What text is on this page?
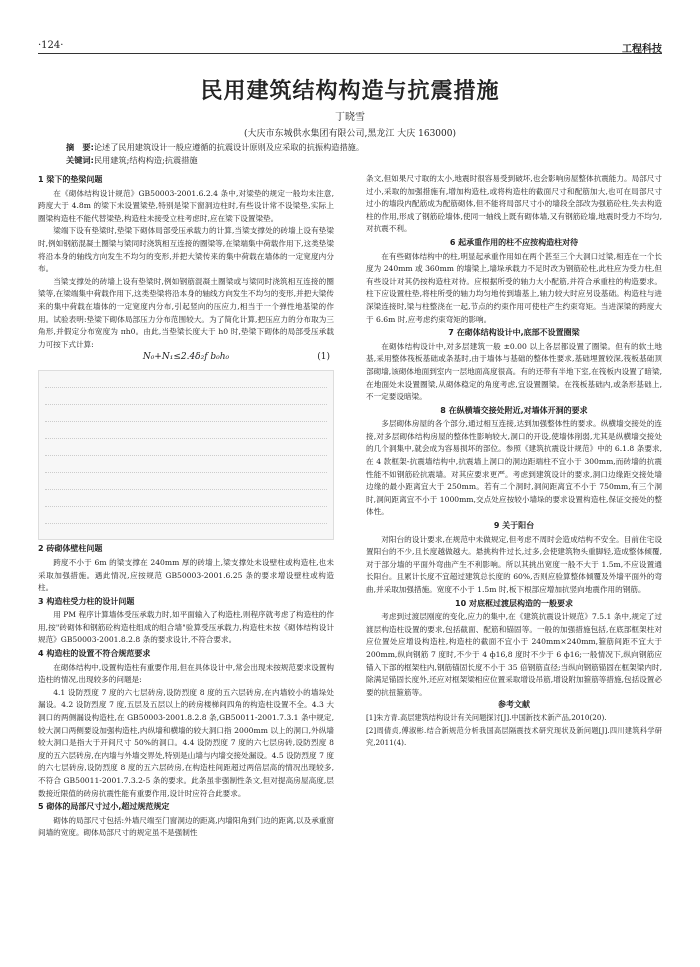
·124·	工程科技
民用建筑结构构造与抗震措施
丁晓雪
(大庆市东城供水集团有限公司,黑龙江 大庆 163000)
摘　要:论述了民用建筑设计一般应遵循的抗震设计原则及应采取的抗振构造措施。
关键词:民用建筑;结构构造;抗震措施
1 梁下的垫梁问题

在《砌体结构设计规范》GB50003-2001.6.2.4 条中,对梁垫的规定一般均未注意,跨度大于 4.8m 的梁下未设置梁垫,特别是梁下窗洞边柱时,有些设计常不设梁垫,实际上圈梁构造柱不能代替梁垫,构造柱未接受立柱考虑时,应在梁下设置梁垫。

梁端下设有垫梁时,垫梁下砌体局部受压承载力的计算,当梁支撑处的砖墙上设有垫梁时,例如钢筋混凝土圈梁与梁同时浇筑相互连接的圈梁等,在梁端集中荷载作用下,这类垫梁将沿本身的轴线方向发生不均匀的变形,并把大梁传来的集中荷载在墙体的一定宽度内分布。

当梁支撑处的砖墙上设有垫梁时,例如钢筋混凝土圈梁或与梁同时浇筑相互连接的圈梁等,在梁端集中荷载作用下,这类垫梁将沿本身的轴线方向发生不均匀的变形,并把大梁传来的集中荷载在墙体的一定宽度内分布,引起竖向的压应力,相当于一个弹性地基梁的作用。试验表明:垫梁下砌体局部压力分布范围较大。为了简化计算,把压应力的分布取为三角形,并假定分布宽度为 πh0。由此,当垫梁长度大于 h0 时,垫梁下砌体的局部受压承载力可按下式计算:

N₀+N₁≤2.4δ₂f b₀h₀	(1)
2 砖砌体壁柱问题

跨度不小于 6m 的梁支撑在 240mm 厚的砖墙上,梁支撑处未设壁柱或构造柱,也未采取加强措施。遇此情况,应按规范 GB50003-2001.6.25 条的要求增设壁柱或构造柱。

3 构造柱受力柱的设计问题

用 PM 程序计算墙体受压承载力时,如平面输入了构造柱,则程序就考虑了构造柱的作用,按"砖砌体和钢筋砼构造柱组成的组合墙"验算受压承载力,构造柱未按《砌体结构设计规范》GB50003-2001.8.2.8 条的要求设计,不符合要求。

4 构造柱的设置不符合规范要求

在砌体结构中,设置构造柱有重要作用,但在具体设计中,常会出现未按规范要求设置构造柱的情况,出现较多的问题是:

4.1 设防烈度 7 度的六七层砖房,设防烈度 8 度的五六层砖房,在内墙较小的墙垛处漏设。4.2 设防烈度 7 度,五层及五层以上的砖房楼梯间四角的构造柱设置不全。4.3 大洞口的两侧漏设构造柱,在 GB50003-2001.8.2.8 条,GB50011-2001.7.3.1 条中规定,较大洞口两侧要设加强构造柱,内纵墙和横墙的较大洞口指 2000mm 以上的洞口,外纵墙较大洞口是指大于开间尺寸 50%的洞口。4.4 设防烈度 7 度的六七层房砖,设防烈度 8 度的五六层砖房,在内墙与外墙交界处,特别是山墙与内墙交接处漏设。4.5 设防烈度 7 度的六七层砖房,设防烈度 8 度的五六层砖房,在构造柱间距超过两倍层高的情况出现较多,不符合 GB50011-2001.7.3.2-5 条的要求。此条虽非强制性条文,但对提高房屋高度,层数接近限值的砖房抗震性能有重要作用,设计时应符合此要求。

5 砌体的局部尺寸过小,超过规范规定

砌体的局部尺寸包括:外墙尺端至门窗洞边的距离,内墙阳角到门边的距离,以及承重窗间墙的宽度。砌体局部尺寸的规定虽不是强制性

条文,但如果尺寸取的太小,地震时很容易受到破坏,也会影响房屋整体抗震能力。局部尺寸过小,采取的加强措施有,增加构造柱,或将构造柱的截面尺寸和配筋加大,也可在局部尺寸过小的墙段内配筋成为配筋砌体,但不能将局部尺寸小的墙段全部改为强筋砼柱,失去构造柱的作用,形成了钢筋砼墙体,使同一轴线上既有砌体墙,又有钢筋砼墙,地震时受力不均匀,对抗震不利。

6 起承重作用的柱不应按构造柱对待

在有些砌体结构中的柱,明显起承重作用如在两个甚至三个大洞口过梁,相连在一个长度为 240mm 或 360mm 的墙梁上,墙垛承载力不足时改为钢筋砼柱,此柱应为受力柱,但有些设计对其仍按构造柱对待。应根据所受的轴力大小配筋,并符合承重柱的构造要求。柱下应设置柱垫,将柱所受的轴力均匀地传到墙基上,轴力较大时应另设基础。构造柱与进深梁连接时,梁与柱整浇在一起,节点的约束作用可使柱产生约束弯矩。当进深梁的跨度大于 6.6m 时,应考虑约束弯矩的影响。

7 在砌体结构设计中,底部不设置圈梁

在砌体结构设计中,对多层建筑一般 ±0.00 以上各层都设置了圈梁。但有的软土地基,采用整体筏板基础或条基时,由于墙体与基础的整体性要求,基础埋置较深,筏板基础顶部砌墙,该砌体地面到室内一层地面高度很高。有的还带有半地下室,在筏板内设置了暗梁,在地面处未设置圈梁,从砌体稳定的角度考虑,宜设置圈梁。在筏板基础内,或条形基础上,不一定要设暗梁。

8 在纵横墙交接处附近,对墙体开洞的要求

多层砌体房屋的各个部分,通过相互连接,达到加强整体性的要求。纵横墙交接处的连接,对多层砌体结构房屋的整体性影响较大,洞口的开设,使墙体削弱,尤其是纵横墙交接处的几个洞集中,就会成为容易损坏的部位。参照《建筑抗震设计规范》中的 6.1.8 条要求,在 4 款框架-抗震墙结构中,抗震墙上洞口的洞边距端柱不宜小于 300mm,而砖墙的抗震性能不如钢筋砼抗震墙。对其应要求更严。考虑到建筑设计的要求,洞口边缘距交接处墙边缘的最小距离宜大于 250mm。若有二个洞时,洞间距离宜不小于 750mm,有三个洞时,洞间距离宜不小于 1000mm,交点处应按较小墙垛的要求设置构造柱,保证交接处的整体性。

9 关于阳台

对阳台的设计要求,在规范中未做规定,但考虑不周时会造成结构不安全。目前住宅设置阳台的不少,且长度越做越大。悬挑构件过长,过多,会使建筑物头重脚轻,造成整体倾覆,对于部分墙的平面外弯曲产生不利影响。所以其挑出宽度一般不大于 1.5m,不应设置通长阳台。且累计长度不宜超过建筑总长度的 60%,否则应验算整体倾覆及外墙平面外的弯曲,并采取加强措施。宽度不小于 1.5m 时,板下根部应增加抗竖向地震作用的钢筋。

10 对底框过渡层构造的一般要求

考虑到过渡层刚度的变化,应力的集中,在《建筑抗震设计规范》7.5.1 条中,规定了过渡层构造柱设置的要求,包括截面、配筋和锚固等。一般的加强措施包括,在底部框架柱对应位置处应增设构造柱,构造柱的截面不宜小于 240mm×240mm,箍筋间距不宜大于 200mm,纵向钢筋 7 度时,不少于 4 ф16,8 度时不少于 6 ф16;一般情况下,纵向钢筋应锚入下部的框架柱内,钢筋锚固长度不小于 35 倍钢筋直径;当纵向钢筋锚固在框架梁内时,除满足锚固长度外,还应对框架梁相应位置采取增设吊筋,增设附加箍筋等措施,包括设置必要的抗扭箍筋等。

参考文献

[1]朱方青.高层建筑结构设计有关问题探讨[J].中国新技术新产品,2010(20).

[2]周倩贞,傅淑彬.结合新规范分析我国高层隔震技术研究现状及新问题[J].四川建筑科学研究,2011(4).
